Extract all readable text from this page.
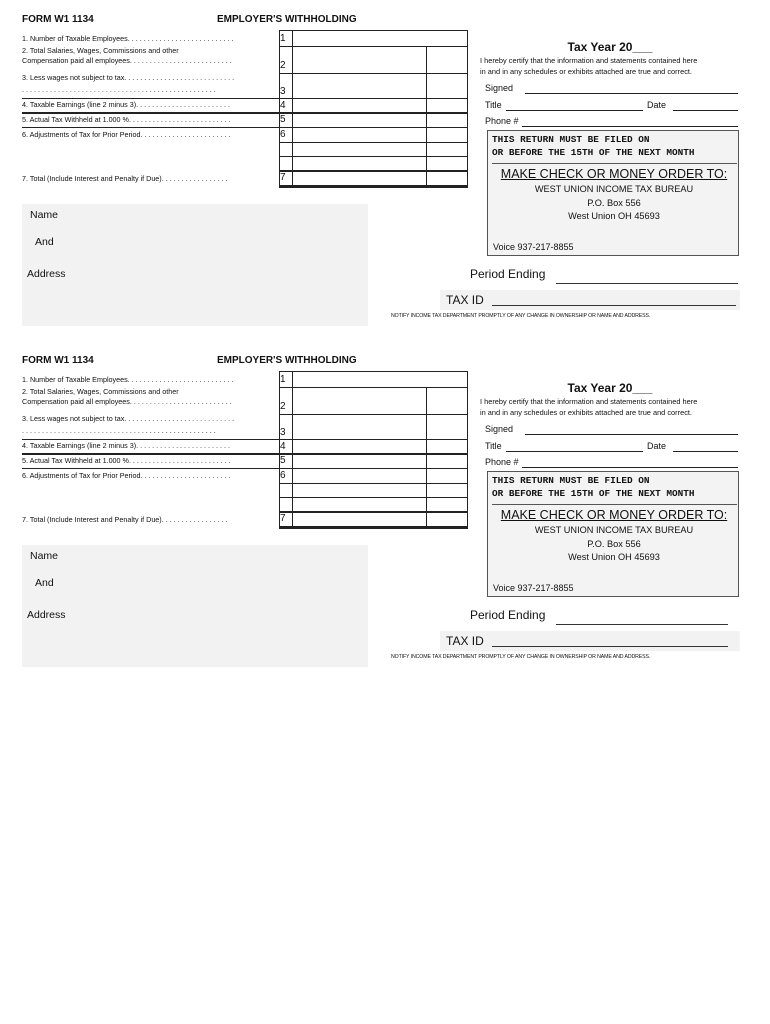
FORM W1 1134	EMPLOYER'S WITHHOLDING
1. Number of Taxable Employees. . . . . . . . . . . . . . . . . . . . . . . . . . .	1
2. Total Salaries, Wages, Commissions and other
Compensation paid all employees. . . . . . . . . . . . . . . . . . . . . . . . . .	2
3. Less wages not subject to tax. . . . . . . . . . . . . . . . . . . . . . . . . . . .
. . . . . . . . . . . . . . . . . . . . . . . . . . . . . . . . . . . . . . . . . . . . . . . . .	3
4. Taxable Earnings (line 2 minus 3). . . . . . . . . . . . . . . . . . . . . . . .	4
5. Actual Tax Withheld at 1.000 %. . . . . . . . . . . . . . . . . . . . . . . . . .	5
6. Adjustments of Tax for Prior Period. . . . . . . . . . . . . . . . . . . . . . .	6
7. Total (Include Interest and Penalty if Due). . . . . . . . . . . . . . . . .	7
Tax Year 20___
I hereby certify that the information and statements contained here
in and in any schedules or exhibits attached are true and correct.
Signed
Title	Date
Phone #
THIS RETURN MUST BE FILED ON
OR BEFORE THE 15TH OF THE NEXT MONTH
MAKE CHECK OR MONEY ORDER TO:
WEST UNION INCOME TAX BUREAU
P.O. Box 556
West Union OH 45693
Voice 937-217-8855
Name
And
Address	Period Ending
TAX ID
NOTIFY INCOME TAX DEPARTMENT PROMPTLY OF ANY CHANGE IN OWNERSHIP OR NAME AND ADDRESS.
FORM W1 1134	EMPLOYER'S WITHHOLDING
1. Number of Taxable Employees. . . . . . . . . . . . . . . . . . . . . . . . . . .	1
2. Total Salaries, Wages, Commissions and other
Compensation paid all employees. . . . . . . . . . . . . . . . . . . . . . . . . .	2
3. Less wages not subject to tax. . . . . . . . . . . . . . . . . . . . . . . . . . . .
. . . . . . . . . . . . . . . . . . . . . . . . . . . . . . . . . . . . . . . . . . . . . . . . .	3
4. Taxable Earnings (line 2 minus 3). . . . . . . . . . . . . . . . . . . . . . . .	4
5. Actual Tax Withheld at 1.000 %. . . . . . . . . . . . . . . . . . . . . . . . . .	5
6. Adjustments of Tax for Prior Period. . . . . . . . . . . . . . . . . . . . . . .	6
7. Total (Include Interest and Penalty if Due). . . . . . . . . . . . . . . . .	7
Tax Year 20___
I hereby certify that the information and statements contained here
in and in any schedules or exhibits attached are true and correct.
Signed
Title	Date
Phone #
THIS RETURN MUST BE FILED ON
OR BEFORE THE 15TH OF THE NEXT MONTH
MAKE CHECK OR MONEY ORDER TO:
WEST UNION INCOME TAX BUREAU
P.O. Box 556
West Union OH 45693
Voice 937-217-8855
Name
And
Address	Period Ending
TAX ID
NOTIFY INCOME TAX DEPARTMENT PROMPTLY OF ANY CHANGE IN OWNERSHIP OR NAME AND ADDRESS.
